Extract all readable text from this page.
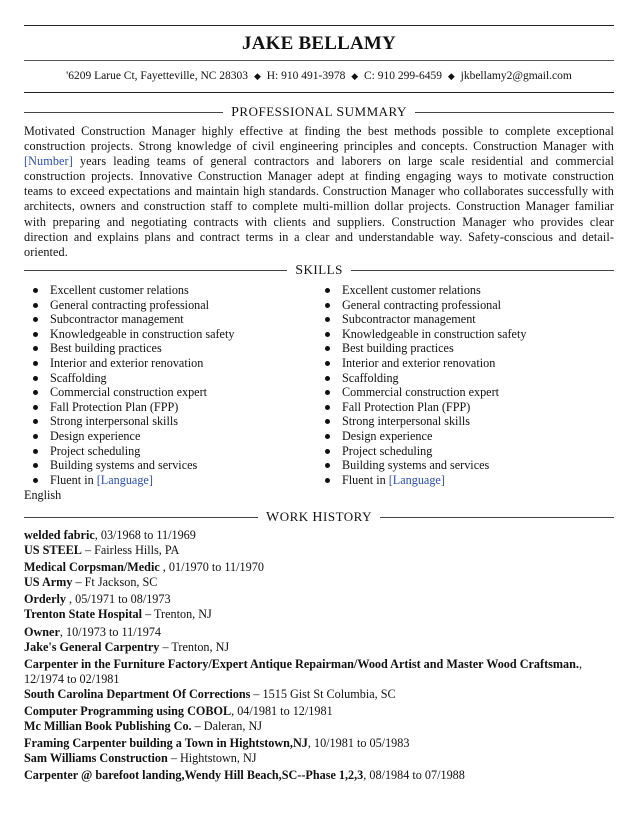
JAKE BELLAMY
'6209 Larue Ct, Fayetteville, NC 28303 ◆ H: 910 491-3978 ◆ C: 910 299-6459 ◆ jkbellamy2@gmail.com
PROFESSIONAL SUMMARY
Motivated Construction Manager highly effective at finding the best methods possible to complete exceptional construction projects. Strong knowledge of civil engineering principles and concepts. Construction Manager with [Number] years leading teams of general contractors and laborers on large scale residential and commercial construction projects. Innovative Construction Manager adept at finding engaging ways to motivate construction teams to exceed expectations and maintain high standards. Construction Manager who collaborates successfully with architects, owners and construction staff to complete multi-million dollar projects. Construction Manager familiar with preparing and negotiating contracts with clients and suppliers. Construction Manager who provides clear direction and explains plans and contract terms in a clear and understandable way. Safety-conscious and detail-oriented.
SKILLS
Excellent customer relations
General contracting professional
Subcontractor management
Knowledgeable in construction safety
Best building practices
Interior and exterior renovation
Scaffolding
Commercial construction expert
Fall Protection Plan (FPP)
Strong interpersonal skills
Design experience
Project scheduling
Building systems and services
Fluent in [Language]
Excellent customer relations
General contracting professional
Subcontractor management
Knowledgeable in construction safety
Best building practices
Interior and exterior renovation
Scaffolding
Commercial construction expert
Fall Protection Plan (FPP)
Strong interpersonal skills
Design experience
Project scheduling
Building systems and services
Fluent in [Language]
English
WORK HISTORY
welded fabric, 03/1968 to 11/1969
US STEEL – Fairless Hills, PA
Medical Corpsman/Medic , 01/1970 to 11/1970
US Army – Ft Jackson, SC
Orderly , 05/1971 to 08/1973
Trenton State Hospital – Trenton, NJ
Owner, 10/1973 to 11/1974
Jake's General Carpentry – Trenton, NJ
Carpenter in the Furniture Factory/Expert Antique Repairman/Wood Artist and Master Wood Craftsman., 12/1974 to 02/1981
South Carolina Department Of Corrections – 1515 Gist St Columbia, SC
Computer Programming using COBOL, 04/1981 to 12/1981
Mc Millian Book Publishing Co. – Daleran, NJ
Framing Carpenter building a Town in Hightstown,NJ, 10/1981 to 05/1983
Sam Williams Construction – Hightstown, NJ
Carpenter @ barefoot landing,Wendy Hill Beach,SC--Phase 1,2,3, 08/1984 to 07/1988
